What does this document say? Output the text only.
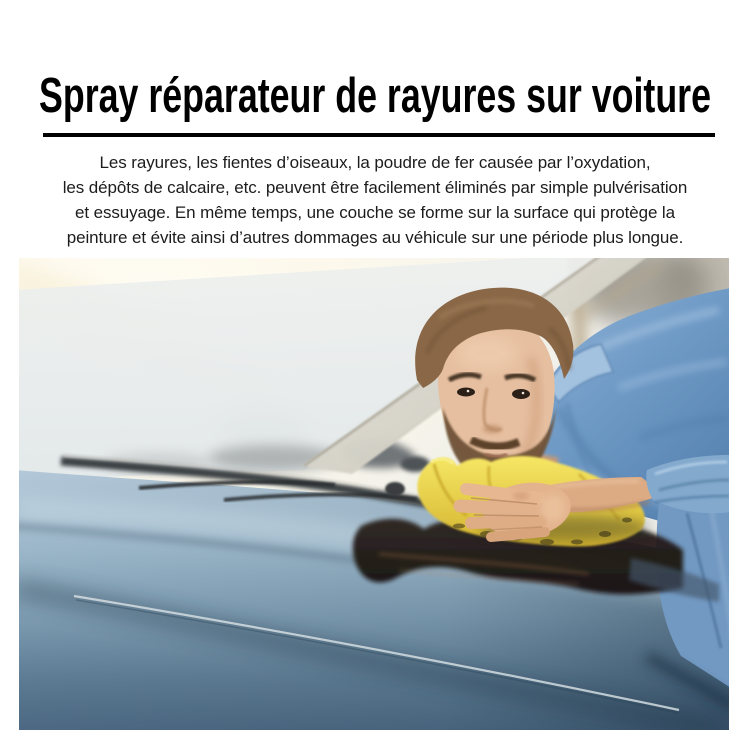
Spray réparateur de rayures sur voiture
Les rayures, les fientes d’oiseaux, la poudre de fer causée par l’oxydation,
les dépôts de calcaire, etc. peuvent être facilement éliminés par simple pulvérisation
et essuyage. En même temps, une couche se forme sur la surface qui protège la
peinture et évite ainsi d’autres dommages au véhicule sur une période plus longue.
